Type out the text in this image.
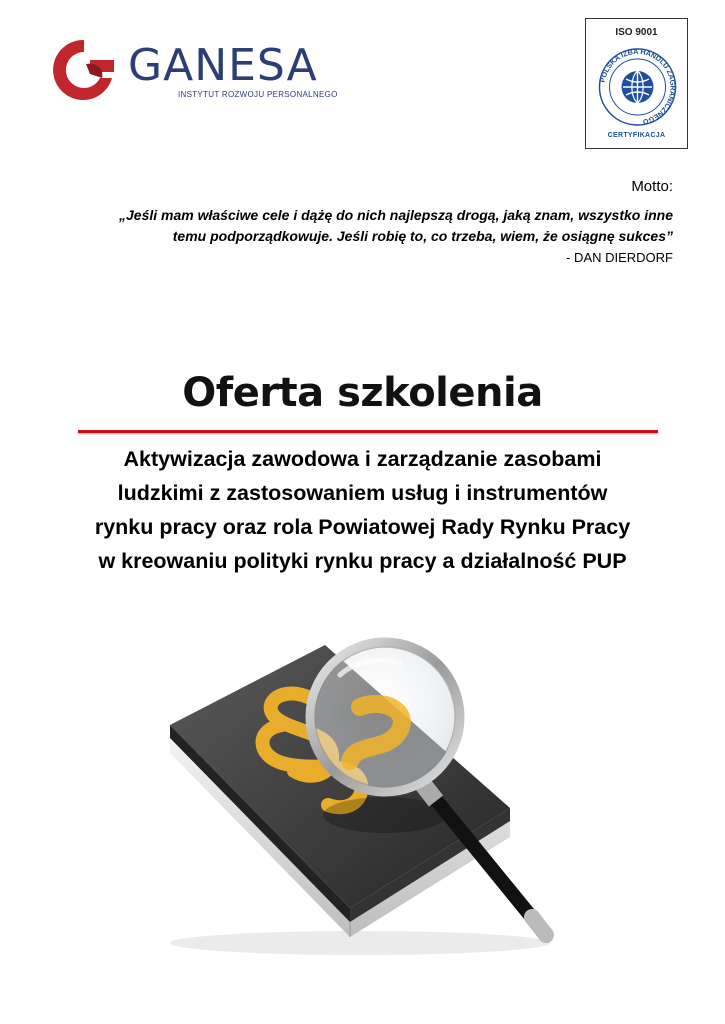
GANESA
INSTYTUT ROZWOJU PERSONALNEGO
ISO 9001
POLSKA IZBA HANDLU ZAGRANICZNEGO
CERTYFIKACJA
Motto:
„Jeśli mam właściwe cele i dążę do nich najlepszą drogą, jaką znam, wszystko inne
temu podporządkowuje. Jeśli robię to, co trzeba, wiem, że osiągnę sukces”
- DAN DIERDORF
Oferta szkolenia
Aktywizacja zawodowa i zarządzanie zasobami
ludzkimi z zastosowaniem usług i instrumentów
rynku pracy oraz rola Powiatowej Rady Rynku Pracy
w kreowaniu polityki rynku pracy a działalność PUP
